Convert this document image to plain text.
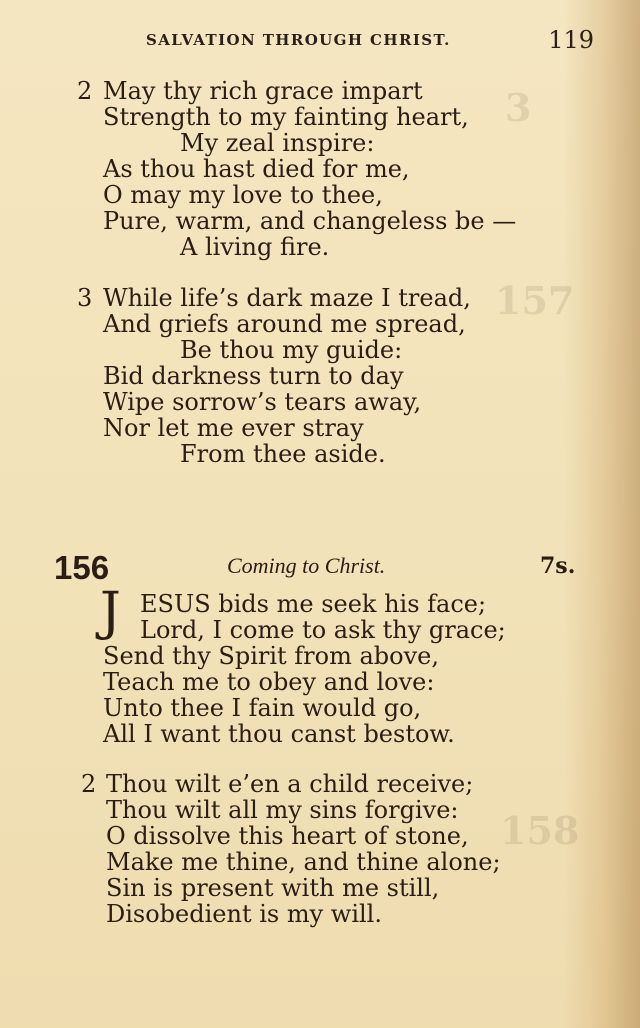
3
157
158
SALVATION THROUGH CHRIST.	119
2 May thy rich grace impart
Strength to my fainting heart,
My zeal inspire:
As thou hast died for me,
O may my love to thee,
Pure, warm, and changeless be —
A living fire.
3 While life’s dark maze I tread,
And griefs around me spread,
Be thou my guide:
Bid darkness turn to day
Wipe sorrow’s tears away,
Nor let me ever stray
From thee aside.
156	Coming to Christ.	7s.
J ESUS bids me seek his face;
Lord, I come to ask thy grace;
Send thy Spirit from above,
Teach me to obey and love:
Unto thee I fain would go,
All I want thou canst bestow.
2 Thou wilt e’en a child receive;
Thou wilt all my sins forgive:
O dissolve this heart of stone,
Make me thine, and thine alone;
Sin is present with me still,
Disobedient is my will.
